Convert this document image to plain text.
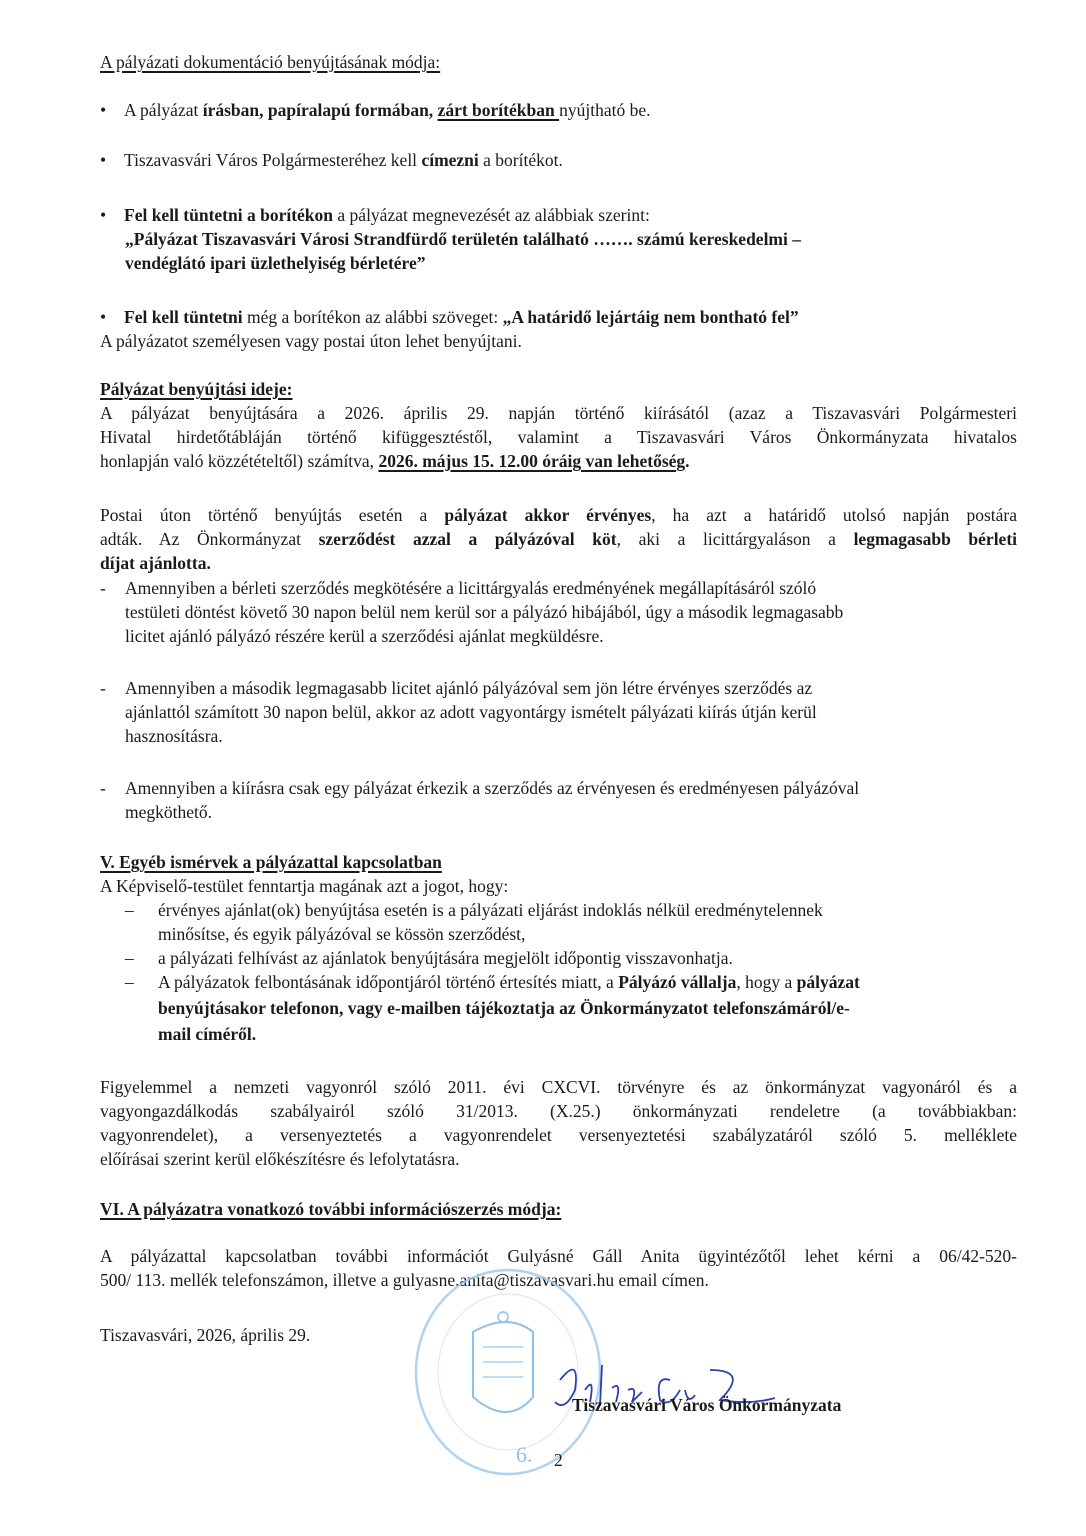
A pályázati dokumentáció benyújtásának módja:
• A pályázat írásban, papíralapú formában, zárt borítékban nyújtható be.
• Tiszavasvári Város Polgármesteréhez kell címezni a borítékot.
• Fel kell tüntetni a borítékon a pályázat megnevezését az alábbiak szerint:
„Pályázat Tiszavasvári Városi Strandfürdő területén található ……. számú kereskedelmi –
vendéglátó ipari üzlethelyiség bérletére”
• Fel kell tüntetni még a borítékon az alábbi szöveget: „A határidő lejártáig nem bontható fel”
A pályázatot személyesen vagy postai úton lehet benyújtani.
Pályázat benyújtási ideje:
A pályázat benyújtására a 2026. április 29. napján történő kiírásától (azaz a Tiszavasvári Polgármesteri
Hivatal hirdetőtábláján történő kifüggesztéstől, valamint a Tiszavasvári Város Önkormányzata hivatalos
honlapján való közzétételtől) számítva, 2026. május 15. 12.00 óráig van lehetőség.
Postai úton történő benyújtás esetén a pályázat akkor érvényes, ha azt a határidő utolsó napján postára
adták. Az Önkormányzat szerződést azzal a pályázóval köt, aki a licittárgyaláson a legmagasabb bérleti
díjat ajánlotta.
- Amennyiben a bérleti szerződés megkötésére a licittárgyalás eredményének megállapításáról szóló
testületi döntést követő 30 napon belül nem kerül sor a pályázó hibájából, úgy a második legmagasabb
licitet ajánló pályázó részére kerül a szerződési ajánlat megküldésre.
- Amennyiben a második legmagasabb licitet ajánló pályázóval sem jön létre érvényes szerződés az
ajánlattól számított 30 napon belül, akkor az adott vagyontárgy ismételt pályázati kiírás útján kerül
hasznosításra.
- Amennyiben a kiírásra csak egy pályázat érkezik a szerződés az érvényesen és eredményesen pályázóval
megköthető.
V. Egyéb ismérvek a pályázattal kapcsolatban
A Képviselő-testület fenntartja magának azt a jogot, hogy:
– érvényes ajánlat(ok) benyújtása esetén is a pályázati eljárást indoklás nélkül eredménytelennek
minősítse, és egyik pályázóval se kössön szerződést,
– a pályázati felhívást az ajánlatok benyújtására megjelölt időpontig visszavonhatja.
– A pályázatok felbontásának időpontjáról történő értesítés miatt, a Pályázó vállalja, hogy a pályázat
benyújtásakor telefonon, vagy e-mailben tájékoztatja az Önkormányzatot telefonszámáról/e-
mail címéről.
Figyelemmel a nemzeti vagyonról szóló 2011. évi CXCVI. törvényre és az önkormányzat vagyonáról és a
vagyongazdálkodás szabályairól szóló 31/2013. (X.25.) önkormányzati rendeletre (a továbbiakban:
vagyonrendelet), a versenyeztetés a vagyonrendelet versenyeztetési szabályzatáról szóló 5. melléklete
előírásai szerint kerül előkészítésre és lefolytatásra.
VI. A pályázatra vonatkozó további információszerzés módja:
A pályázattal kapcsolatban további információt Gulyásné Gáll Anita ügyintézőtől lehet kérni a 06/42-520-
500/ 113. mellék telefonszámon, illetve a gulyasne.anita@tiszavasvari.hu email címen.
6.
Tiszavasvári, 2026, április 29.
Tiszavasvári Város Önkormányzata
2
